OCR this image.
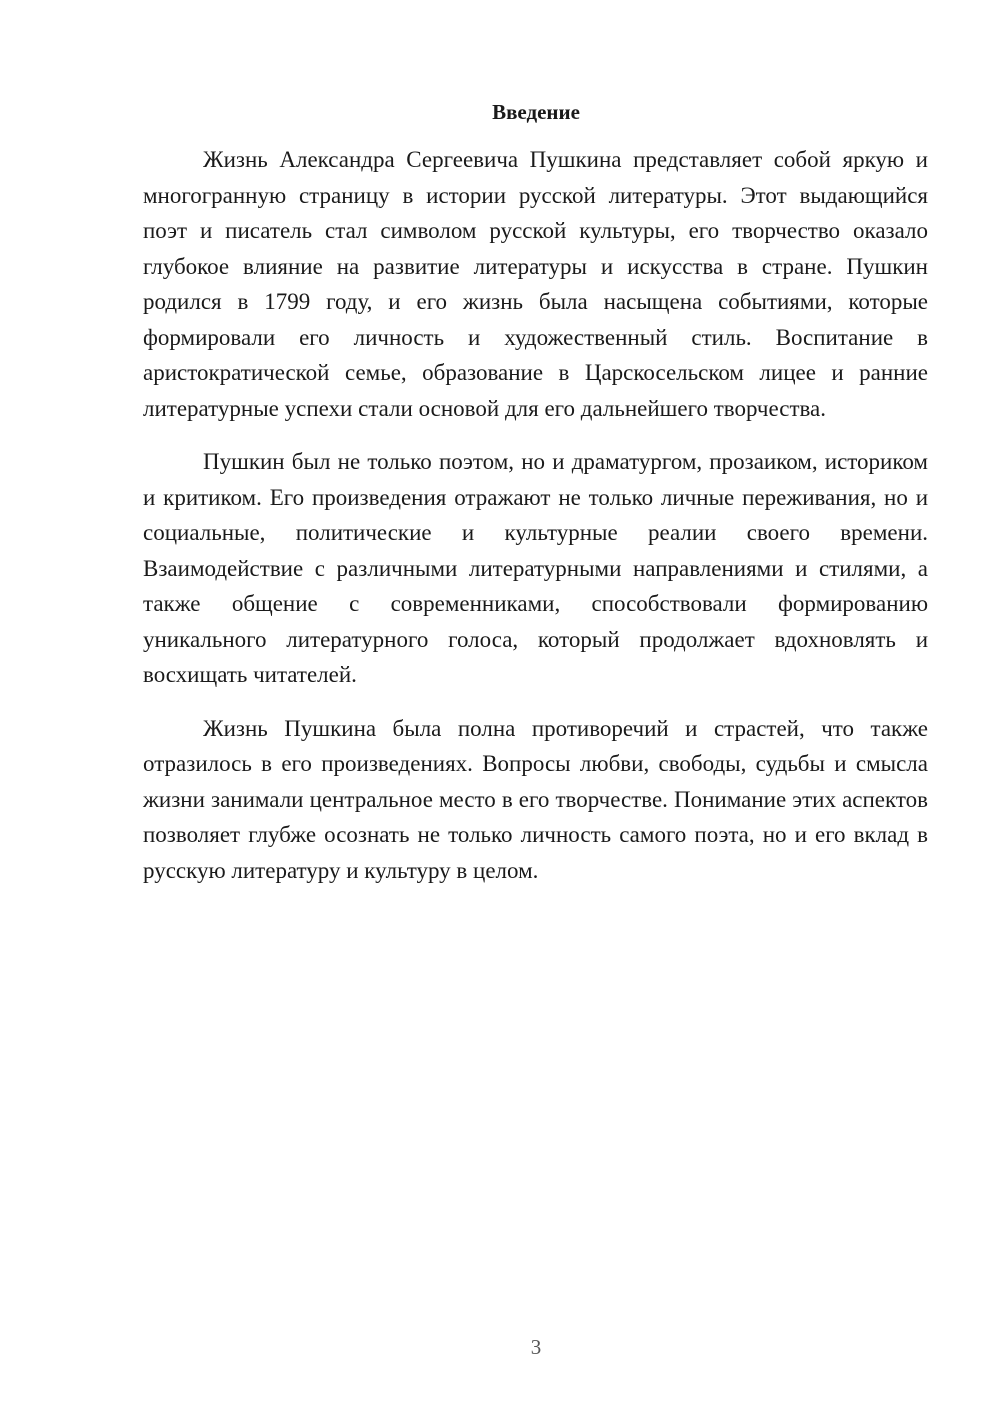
Введение

Жизнь Александра Сергеевича Пушкина представляет собой яркую и многогранную страницу в истории русской литературы. Этот выдающийся поэт и писатель стал символом русской культуры, его творчество оказало глубокое влияние на развитие литературы и искусства в стране. Пушкин родился в 1799 году, и его жизнь была насыщена событиями, которые формировали его личность и художественный стиль. Воспитание в аристократической семье, образование в Царскосельском лицее и ранние литературные успехи стали основой для его дальнейшего творчества.

Пушкин был не только поэтом, но и драматургом, прозаиком, историком и критиком. Его произведения отражают не только личные переживания, но и социальные, политические и культурные реалии своего времени. Взаимодействие с различными литературными направлениями и стилями, а также общение с современниками, способствовали формированию уникального литературного голоса, который продолжает вдохновлять и восхищать читателей.

Жизнь Пушкина была полна противоречий и страстей, что также отразилось в его произведениях. Вопросы любви, свободы, судьбы и смысла жизни занимали центральное место в его творчестве. Понимание этих аспектов позволяет глубже осознать не только личность самого поэта, но и его вклад в русскую литературу и культуру в целом.

3
